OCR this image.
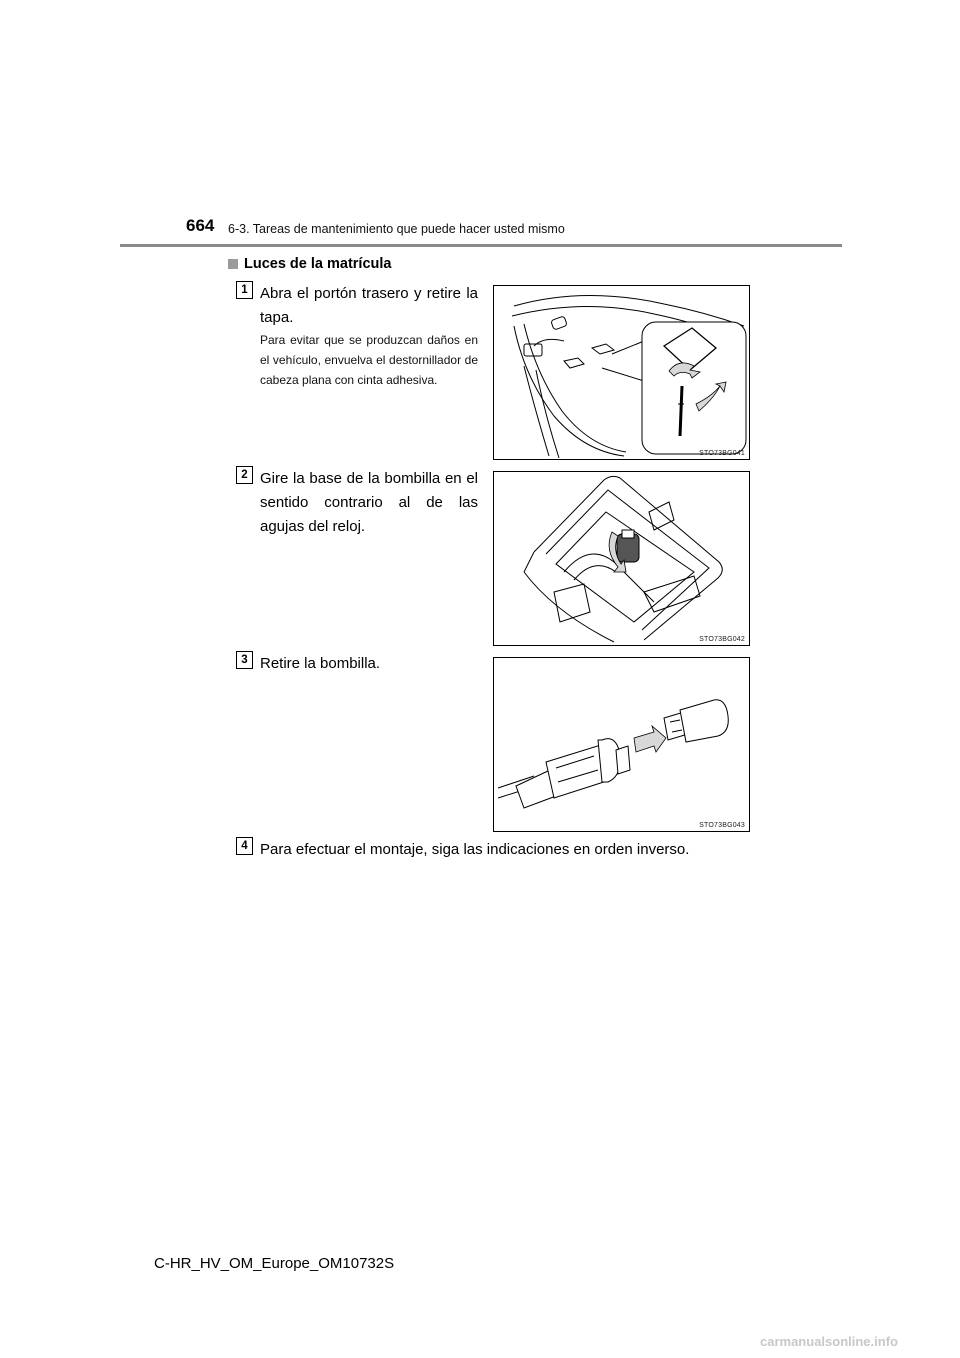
664 6-3. Tareas de mantenimiento que puede hacer usted mismo
Luces de la matrícula
1 Abra el portón trasero y retire la tapa.
Para evitar que se produzcan daños en el vehículo, envuelva el destornillador de cabeza plana con cinta adhesiva.
STO73BG041
2 Gire la base de la bombilla en el sentido contrario al de las agujas del reloj.
STO73BG042
3 Retire la bombilla.
STO73BG043
4 Para efectuar el montaje, siga las indicaciones en orden inverso.
C-HR_HV_OM_Europe_OM10732S
carmanualsonline.info
